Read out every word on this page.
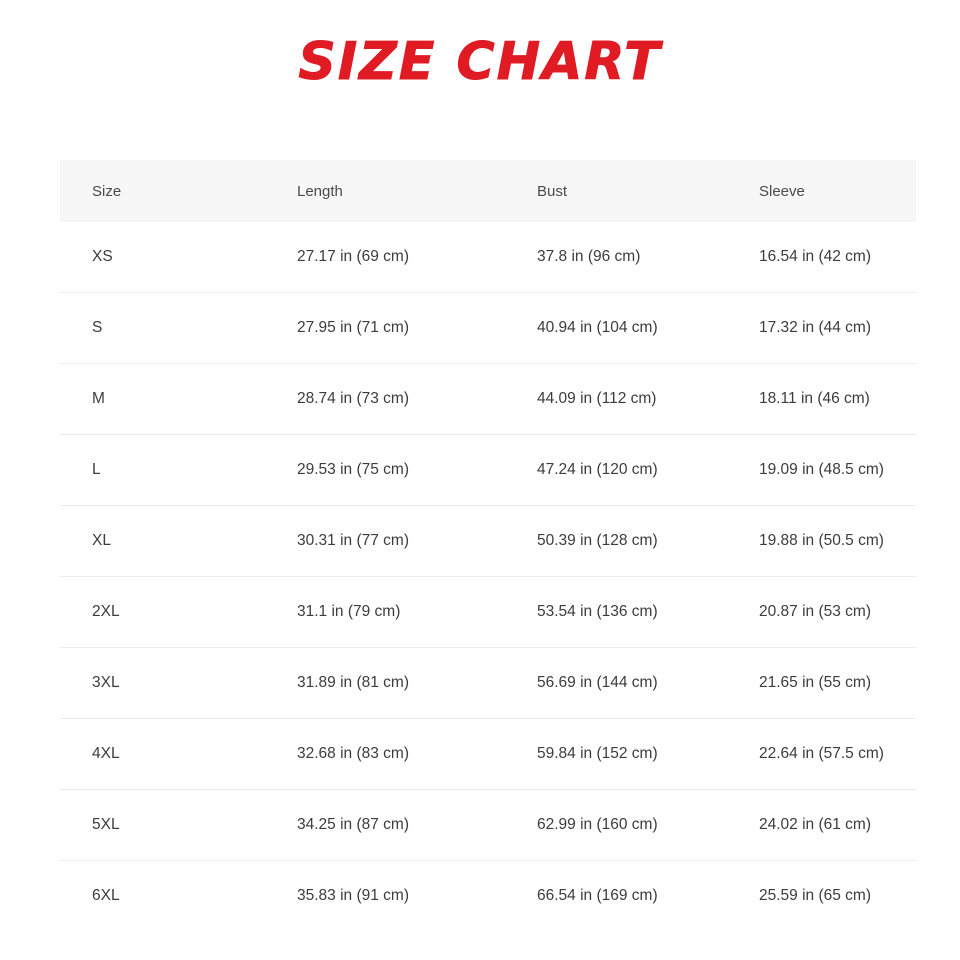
SIZE CHART
Size	Length	Bust	Sleeve
XS	27.17 in (69 cm)	37.8 in (96 cm)	16.54 in (42 cm)
S	27.95 in (71 cm)	40.94 in (104 cm)	17.32 in (44 cm)
M	28.74 in (73 cm)	44.09 in (112 cm)	18.11 in (46 cm)
L	29.53 in (75 cm)	47.24 in (120 cm)	19.09 in (48.5 cm)
XL	30.31 in (77 cm)	50.39 in (128 cm)	19.88 in (50.5 cm)
2XL	31.1 in (79 cm)	53.54 in (136 cm)	20.87 in (53 cm)
3XL	31.89 in (81 cm)	56.69 in (144 cm)	21.65 in (55 cm)
4XL	32.68 in (83 cm)	59.84 in (152 cm)	22.64 in (57.5 cm)
5XL	34.25 in (87 cm)	62.99 in (160 cm)	24.02 in (61 cm)
6XL	35.83 in (91 cm)	66.54 in (169 cm)	25.59 in (65 cm)
